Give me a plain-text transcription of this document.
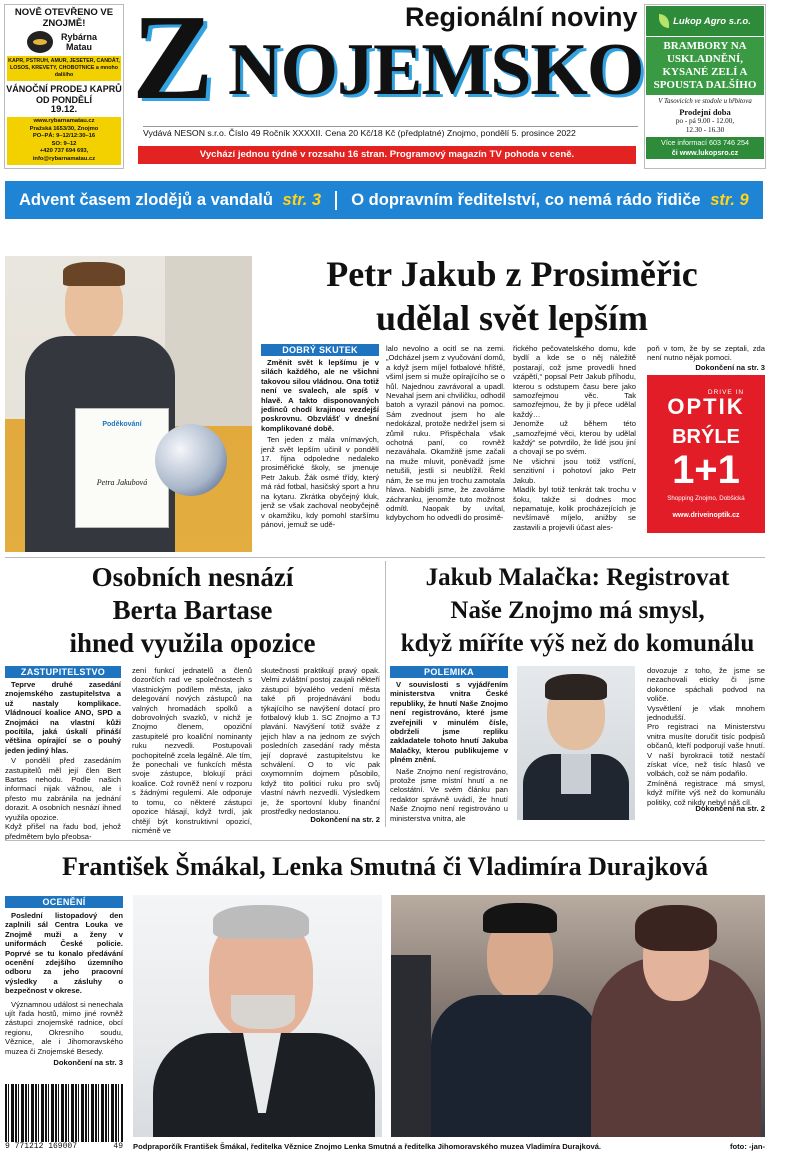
NOVĚ OTEVŘENO VE ZNOJMĚ!
Rybárna Matau
KAPR, PSTRUH, AMUR, JESETER, CANDÁT, LOSOS, KREVETY, CHOBOTNICE a mnoho dalšího
VÁNOČNÍ PRODEJ KAPRŮ OD PONDĚLÍ
19.12.
www.rybarnamatau.cz
Pražská 1653/30, Znojmo
PO–PÁ: 9–12/12:30–16
SO: 9–12
+420 737 694 693,
info@rybarnamatau.cz
Regionální noviny
Z NOJEMSKO
Vydává NESON s.r.o. Číslo 49 Ročník XXXXII. Cena 20 Kč/18 Kč (předplatné) Znojmo, pondělí 5. prosince 2022
Vychází jednou týdně v rozsahu 16 stran. Programový magazín TV pohoda v ceně.
Lukop Agro s.r.o.
BRAMBORY NA USKLADNĚNÍ, KYSANÉ ZELÍ A SPOUSTA DALŠÍHO
V Tasovicích ve stodole u hřbitova
Prodejní doba
po - pá 9.00 - 12.00,
12.30 - 16.30
Více informací 603 746 254
či www.lukopsro.cz
Advent časem zlodějů a vandalů str. 3	O dopravním ředitelství, co nemá rádo řidiče str. 9
Poděkování
Petra Jakubová
Petr Jakub z Prosiměřic
udělal svět lepším
DOBRÝ SKUTEK
Změnit svět k lepšímu je v silách každého, ale ne všichni takovou silou vládnou. Ona totiž není ve svalech, ale spíš v hlavě. A takto disponovaných jedinců chodí krajinou vezdejší poskrovnu. Obzvlášť v dnešní komplikované době.
Ten jeden z mála vnímavých, jenž svět lepším učinil v pondělí 17. října odpoledne nedaleko prosiměřické školy, se jmenuje Petr Jakub. Žák osmé třídy, který má rád fotbal, hasičský sport a hru na kytaru. Zkrátka obyčejný kluk, jenž se však zachoval neobyčejně v okamžiku, kdy pomohl staršímu pánovi, jemuž se udě-
lalo nevolno a ocitl se na zemi. „Odcházel jsem z vyučování domů, a když jsem míjel fotbalové hřiště, všiml jsem si muže opírajícího se o hůl. Najednou zavrávoral a upadl. Nevahal jsem ani chviličku, odhodil batoh a vyrazil pánovi na pomoc. Sám zvednout jsem ho ale nedokázal, protože nedržel jsem si zůmil ruku. Přispěchala však ochotná paní, co rovněž nezaváhala. Okamžitě jsme začali na muže mluvit, poněvadž jsme netušili, jestli si neublížil. Řekl nám, že se mu jen trochu zamotala hlava. Nabídli jsme, že zavoláme záchranku, jenomže tuto možnost odmítl. Naopak by uvítal, kdybychom ho odvedli do prosimě-
řického pečovatelského domu, kde bydlí a kde se o něj náležitě postarají, což jsme provedli hned vzápětí,“ popsal Petr Jakub příhodu, kterou s odstupem času bere jako samozřejmou věc. Tak samozřejmou, že by ji přece udělal každý…
Jenomže už během této „samozřejmé věci, kterou by udělal každý“ se potvrdilo, že lidé jsou jiní a chovají se po svém.
Ne všichni jsou totiž vstřícní, senzitivní i pohotoví jako Petr Jakub.
Mladík byl totiž tenkrát tak trochu v šoku, takže si dodnes moc nepamatuje, kolik procházejících je nevšímavě míjelo, anižby se zastavili a projevili účast ales-
poň v tom, že by se zeptali, zda není nutno nějak pomoci.
Dokončení na str. 3
DRIVE IN
OPTIK
BRÝLE
1+1
Shopping Znojmo, Dobšická
www.driveinoptik.cz
Osobních nesnází
Berta Bartase
ihned využila opozice
ZASTUPITELSTVO
Teprve druhé zasedání znojemského zastupitelstva a už nastaly komplikace. Vládnoucí koalice ANO, SPD a Znojmáci na vlastní kůži pocítila, jaká úskalí přináší většina opírající se o pouhý jeden jediný hlas.
V pondělí před zasedáním zastupitelů měl její člen Bert Bartas nehodu. Podle našich informací nijak vážnou, ale i přesto mu zabránila na jednání dorazit. A osobních nesnází ihned využila opozice.
Když přišel na řadu bod, jehož předmětem bylo přeobsa-
zení funkcí jednatelů a členů dozorčích rad ve společnostech s vlastnickým podílem města, jako delegování nových zástupců na valných hromadách spolků a dobrovolných svazků, v nichž je Znojmo členem, opoziční zastupitelé pro koaliční nominanty ruku nezvedli. Postupovali pochopitelně zcela legálně. Ale tím, že ponechali ve funkcích města svoje zástupce, blokují práci koalice. Což rovněž není v rozporu s žádnými regulemi. Ale odporuje to tomu, co některé zástupci opozice hlásají, když tvrdí, jak chtějí být konstruktivní opozicí, nicméně ve
skutečnosti praktikují pravý opak. Velmi zvláštní postoj zaujali někteří zástupci bývalého vedení města také při projednávání bodu týkajícího se navýšení dotací pro fotbalový klub 1. SC Znojmo a TJ plavání. Navýšení totiž sváže z jejich hlav a na jednom ze svých posledních zasedání rady města její dopravé zastupitelstvu ke schválení. O to víc pak oxymornním dojmem působilo, když tito politici ruku pro svůj vlastní návrh nezvedli. Výsledkem je, že sportovní kluby finanční prostředky nedostanou.
Dokončení na str. 2
Jakub Malačka: Registrovat
Naše Znojmo má smysl,
když míříte výš než do komunálu
POLEMIKA
V souvislosti s vyjádřením ministerstva vnitra České republiky, že hnutí Naše Znojmo není registrováno, které jsme zveřejnili v minulém čísle, obdrželi jsme repliku zakladatele tohoto hnutí Jakuba Malačky, kterou publikujeme v plném znění.
Naše Znojmo není registrováno, protože jsme místní hnutí a ne celostátní. Ve svém článku pan redaktor správně uvádí, že hnutí Naše Znojmo není registrováno u ministerstva vnitra, ale
dovozuje z toho, že jsme se nezachovali eticky či jsme dokonce spáchali podvod na voliče.
Vysvětlení je však mnohem jednodušší.
Pro registraci na Ministerstvu vnitra musíte doručit tisíc podpisů občanů, kteří podporují vaše hnutí. V naší byrokracii totiž nestačí získat více, než tisíc hlasů ve volbách, což se nám podařilo.
Zmíněná registrace má smysl, když míříte výš než do komunálu politiky, což nikdy nebyl náš cíl.
Dokončení na str. 2
František Šmákal, Lenka Smutná či Vladimíra Durajková
OCENĚNÍ
Poslední listopadový den zaplnili sál Centra Louka ve Znojmě muži a ženy v uniformách České policie. Poprvé se tu konalo předávání ocenění zdejšího územního odboru za jeho pracovní výsledky a zásluhy o bezpečnost v okrese.
Významnou událost si nenechala ujít řada hostů, mimo jiné rovněž zástupci znojemské radnice, obcí regionu, Okresního soudu, Věznice, ale i Jihomoravského muzea či Znojemské Besedy.
Dokončení na str. 3
9 771212 169007	49 Podpraporčík František Šmákal, ředitelka Věznice Znojmo Lenka Smutná a ředitelka Jihomoravského muzea Vladimíra Durajková.	foto: -jan-
